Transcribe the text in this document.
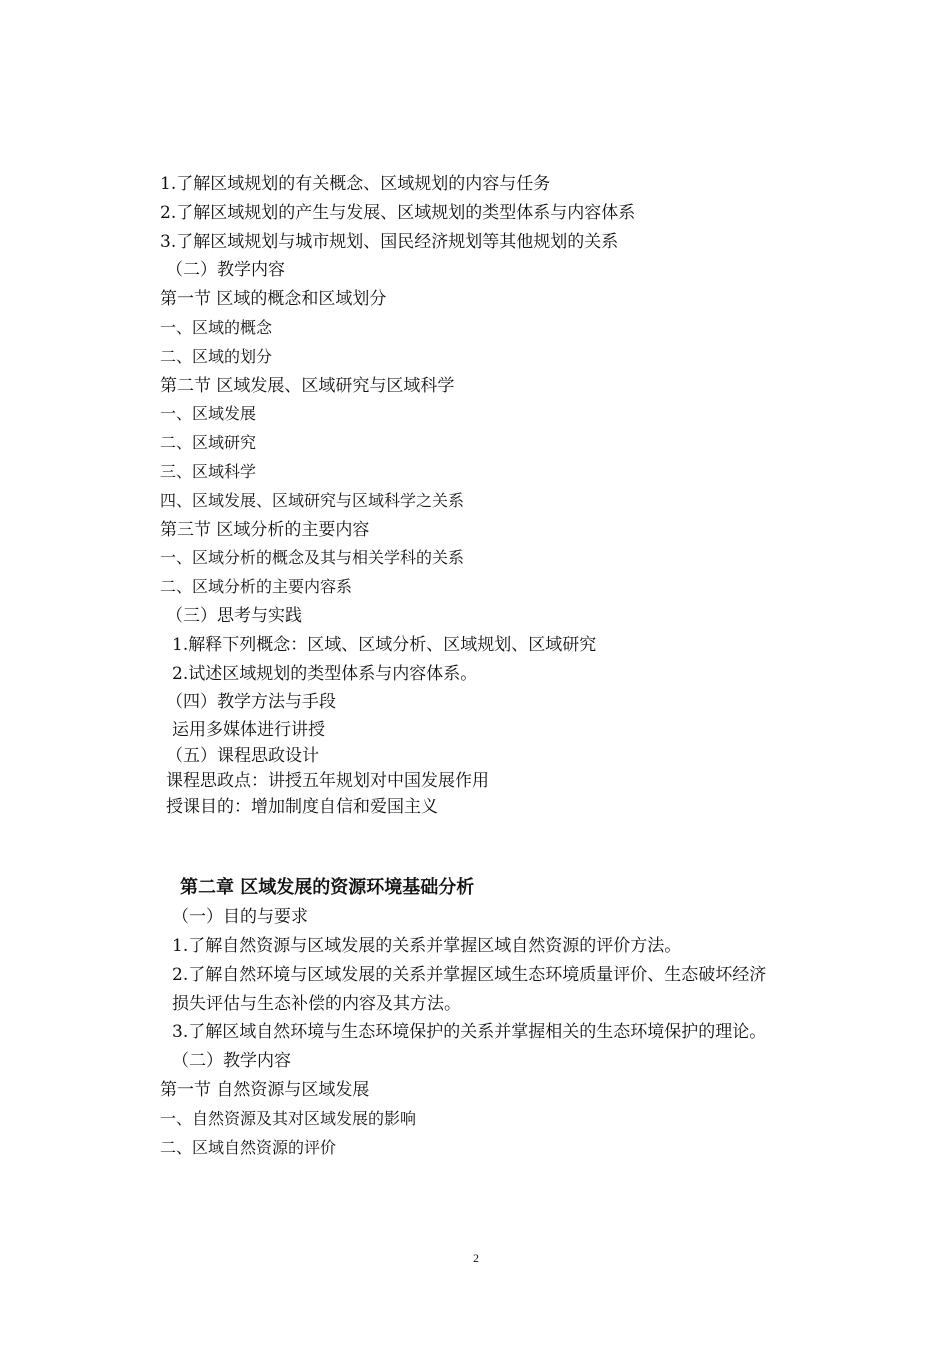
1.了解区域规划的有关概念、区域规划的内容与任务
2.了解区域规划的产生与发展、区域规划的类型体系与内容体系
3.了解区域规划与城市规划、国民经济规划等其他规划的关系
（二）教学内容
第一节 区域的概念和区域划分
一、区域的概念
二、区域的划分
第二节 区域发展、区域研究与区域科学
一、区域发展
二、区域研究
三、区域科学
四、区域发展、区域研究与区域科学之关系
第三节 区域分析的主要内容
一、区域分析的概念及其与相关学科的关系
二、区域分析的主要内容系
（三）思考与实践
1.解释下列概念：区域、区域分析、区域规划、区域研究
2.试述区域规划的类型体系与内容体系。
（四）教学方法与手段
运用多媒体进行讲授
（五）课程思政设计
课程思政点：讲授五年规划对中国发展作用
授课目的：增加制度自信和爱国主义
第二章 区域发展的资源环境基础分析
（一）目的与要求
1.了解自然资源与区域发展的关系并掌握区域自然资源的评价方法。
2.了解自然环境与区域发展的关系并掌握区域生态环境质量评价、生态破坏经济
损失评估与生态补偿的内容及其方法。
3.了解区域自然环境与生态环境保护的关系并掌握相关的生态环境保护的理论。
（二）教学内容
第一节 自然资源与区域发展
一、自然资源及其对区域发展的影响
二、区域自然资源的评价
2
